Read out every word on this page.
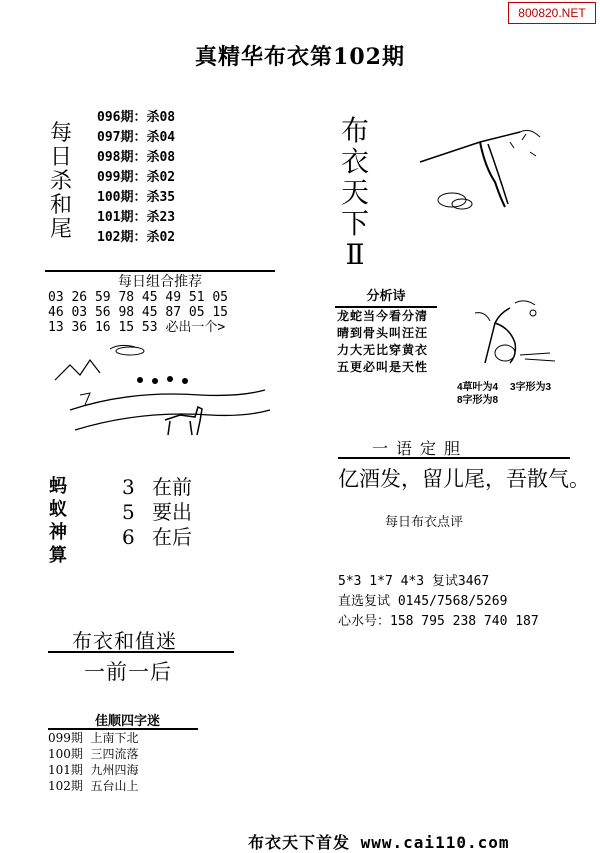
800820.NET
真精华布衣第102期
每
日
杀
和
尾
096期：杀08
097期：杀04
098期：杀08
099期：杀02
100期：杀35
101期：杀23
102期：杀02
布
衣
天
下
Ⅱ
每日组合推荐
03 26 59 78 45 49 51 05
46 03 56 98 45 87 05 15
13 36 16 15 53 必出一个>
分析诗
龙蛇当今看分清
晴到骨头叫汪汪
力大无比穿黄衣
五更必叫是天性
4草叶为4 3字形为3
8字形为8
蚂
蚁
神
算
3 在前
5 要出
6 在后
一语定胆
亿酒发，留儿尾，吾散气。
每日布衣点评
5*3 1*7 4*3 复试3467
直选复试 0145/7568/5269
心水号：158 795 238 740 187
布衣和值迷
一前一后
佳顺四字迷
099期  上南下北
100期  三四流落
101期  九州四海
102期  五台山上
布衣天下首发 www.cai110.com
